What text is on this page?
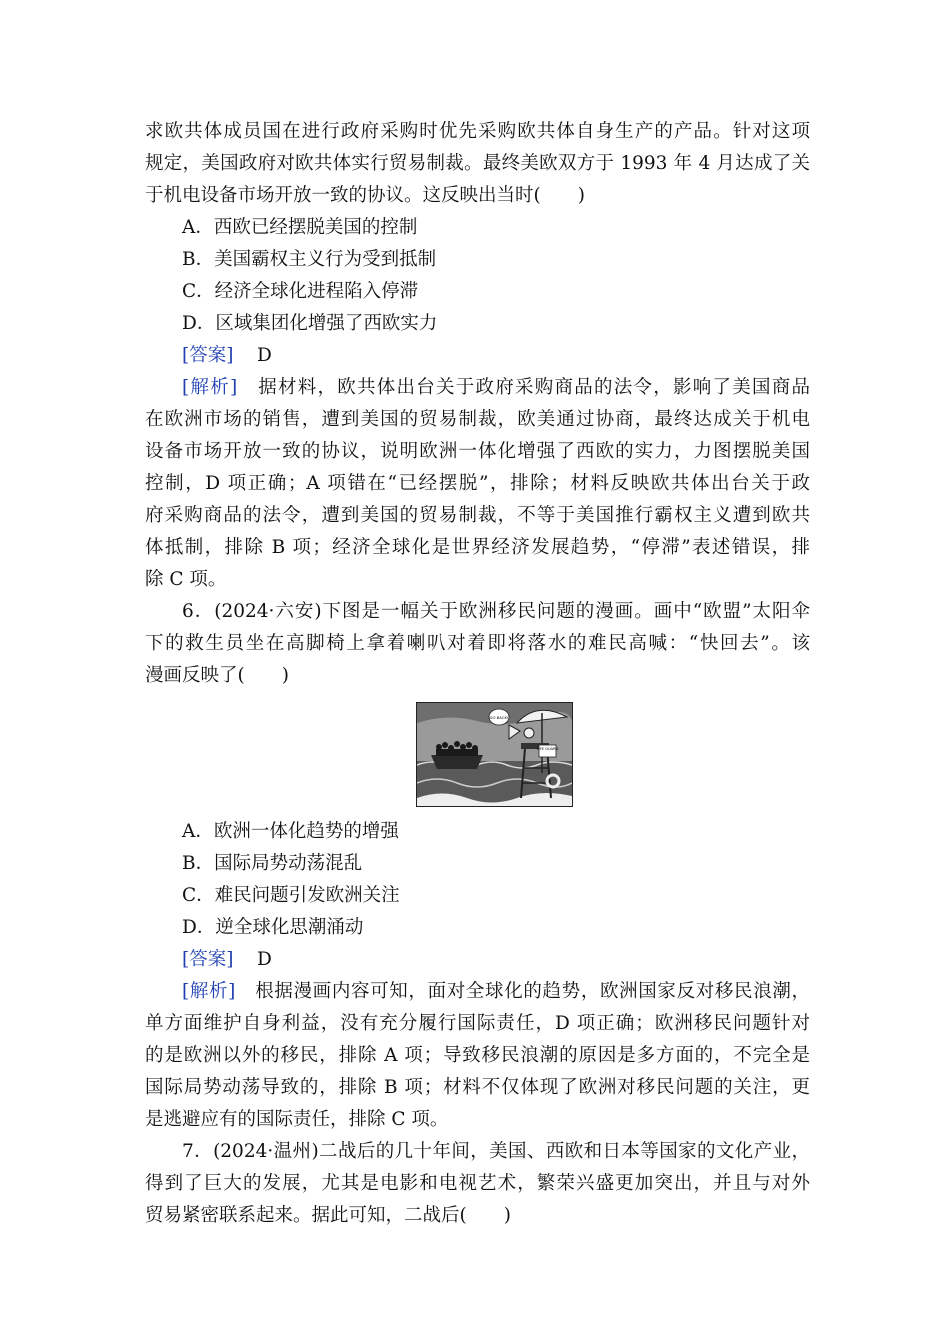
求欧共体成员国在进行政府采购时优先采购欧共体自身生产的产品。针对这项
规定，美国政府对欧共体实行贸易制裁。最终美欧双方于 1993 年 4 月达成了关
于机电设备市场开放一致的协议。这反映出当时(　　)
A．西欧已经摆脱美国的控制
B．美国霸权主义行为受到抵制
C．经济全球化进程陷入停滞
D．区域集团化增强了西欧实力
[答案] D
[解析]　据材料，欧共体出台关于政府采购商品的法令，影响了美国商品
在欧洲市场的销售，遭到美国的贸易制裁，欧美通过协商，最终达成关于机电
设备市场开放一致的协议，说明欧洲一体化增强了西欧的实力，力图摆脱美国
控制，D 项正确；A 项错在“已经摆脱”，排除；材料反映欧共体出台关于政
府采购商品的法令，遭到美国的贸易制裁，不等于美国推行霸权主义遭到欧共
体抵制，排除 B 项；经济全球化是世界经济发展趋势，“停滞”表述错误，排
除 C 项。
6．(2024·六安)下图是一幅关于欧洲移民问题的漫画。画中“欧盟”太阳伞
下的救生员坐在高脚椅上拿着喇叭对着即将落水的难民高喊：“快回去”。该
漫画反映了(　　)
LIFE GUARD
GO BACK!
A．欧洲一体化趋势的增强
B．国际局势动荡混乱
C．难民问题引发欧洲关注
D．逆全球化思潮涌动
[答案] D
[解析]　根据漫画内容可知，面对全球化的趋势，欧洲国家反对移民浪潮，
单方面维护自身利益，没有充分履行国际责任，D 项正确；欧洲移民问题针对
的是欧洲以外的移民，排除 A 项；导致移民浪潮的原因是多方面的，不完全是
国际局势动荡导致的，排除 B 项；材料不仅体现了欧洲对移民问题的关注，更
是逃避应有的国际责任，排除 C 项。
7．(2024·温州)二战后的几十年间，美国、西欧和日本等国家的文化产业，
得到了巨大的发展，尤其是电影和电视艺术，繁荣兴盛更加突出，并且与对外
贸易紧密联系起来。据此可知，二战后(　　)
